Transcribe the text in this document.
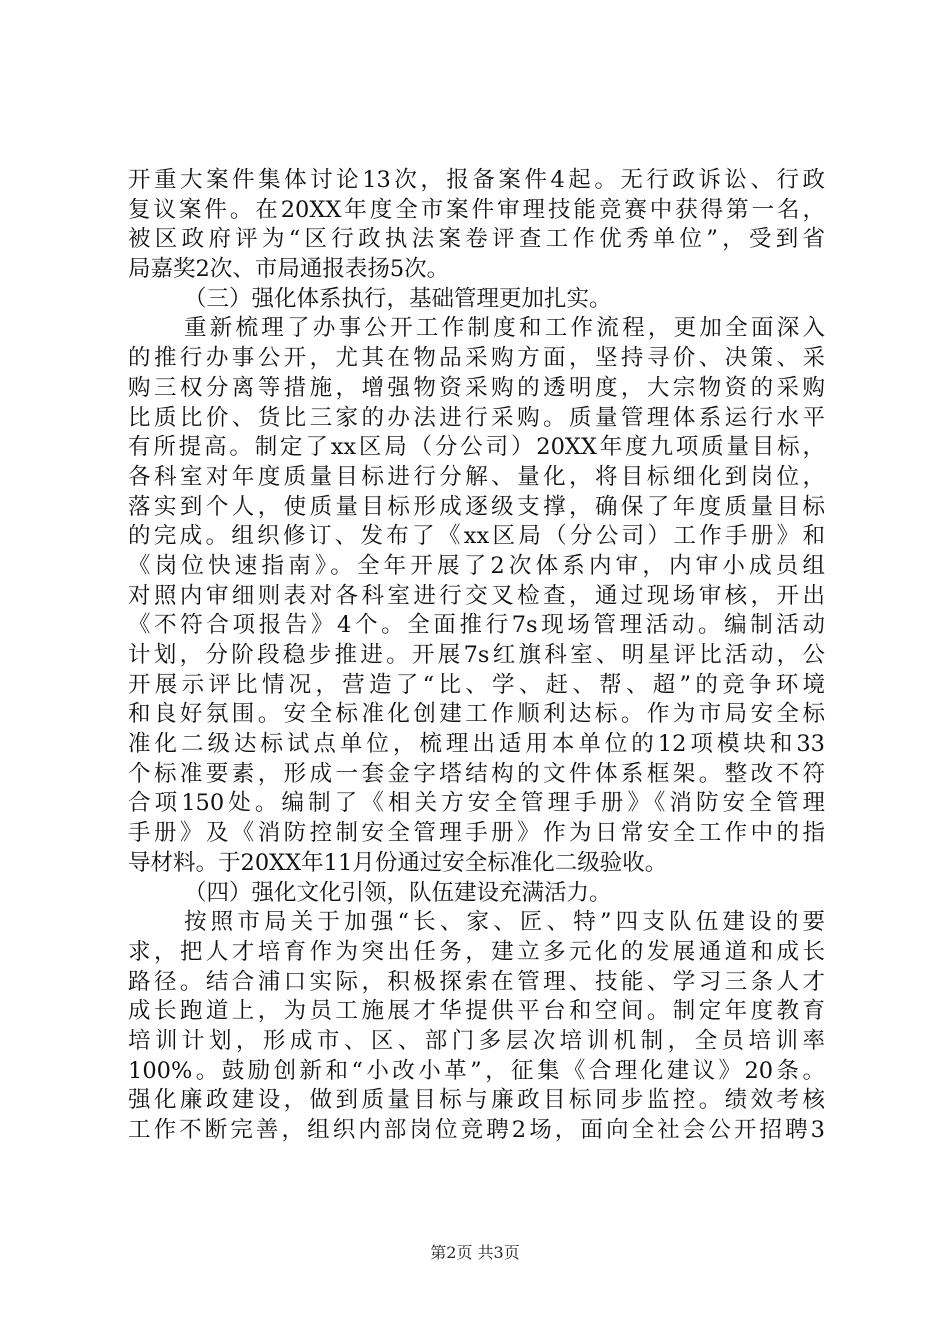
开重大案件集体讨论13次，报备案件4起。无行政诉讼、行政
复议案件。在20XX年度全市案件审理技能竞赛中获得第一名，
被区政府评为“区行政执法案卷评查工作优秀单位”，受到省
局嘉奖2次、市局通报表扬5次。
（三）强化体系执行，基础管理更加扎实。
重新梳理了办事公开工作制度和工作流程，更加全面深入
的推行办事公开，尤其在物品采购方面，坚持寻价、决策、采
购三权分离等措施，增强物资采购的透明度，大宗物资的采购
比质比价、货比三家的办法进行采购。质量管理体系运行水平
有所提高。制定了xx区局（分公司）20XX年度九项质量目标，
各科室对年度质量目标进行分解、量化，将目标细化到岗位，
落实到个人，使质量目标形成逐级支撑，确保了年度质量目标
的完成。组织修订、发布了《xx区局（分公司）工作手册》和
《岗位快速指南》。全年开展了2次体系内审，内审小成员组
对照内审细则表对各科室进行交叉检查，通过现场审核，开出
《不符合项报告》4个。全面推行7s现场管理活动。编制活动
计划，分阶段稳步推进。开展7s红旗科室、明星评比活动，公
开展示评比情况，营造了“比、学、赶、帮、超”的竞争环境
和良好氛围。安全标准化创建工作顺利达标。作为市局安全标
准化二级达标试点单位，梳理出适用本单位的12项模块和33
个标准要素，形成一套金字塔结构的文件体系框架。整改不符
合项150处。编制了《相关方安全管理手册》《消防安全管理
手册》及《消防控制安全管理手册》作为日常安全工作中的指
导材料。于20XX年11月份通过安全标准化二级验收。
（四）强化文化引领，队伍建设充满活力。
按照市局关于加强“长、家、匠、特”四支队伍建设的要
求，把人才培育作为突出任务，建立多元化的发展通道和成长
路径。结合浦口实际，积极探索在管理、技能、学习三条人才
成长跑道上，为员工施展才华提供平台和空间。制定年度教育
培训计划，形成市、区、部门多层次培训机制，全员培训率
100%。鼓励创新和“小改小革”，征集《合理化建议》20条。
强化廉政建设，做到质量目标与廉政目标同步监控。绩效考核
工作不断完善，组织内部岗位竞聘2场，面向全社会公开招聘3
第2页 共3页
